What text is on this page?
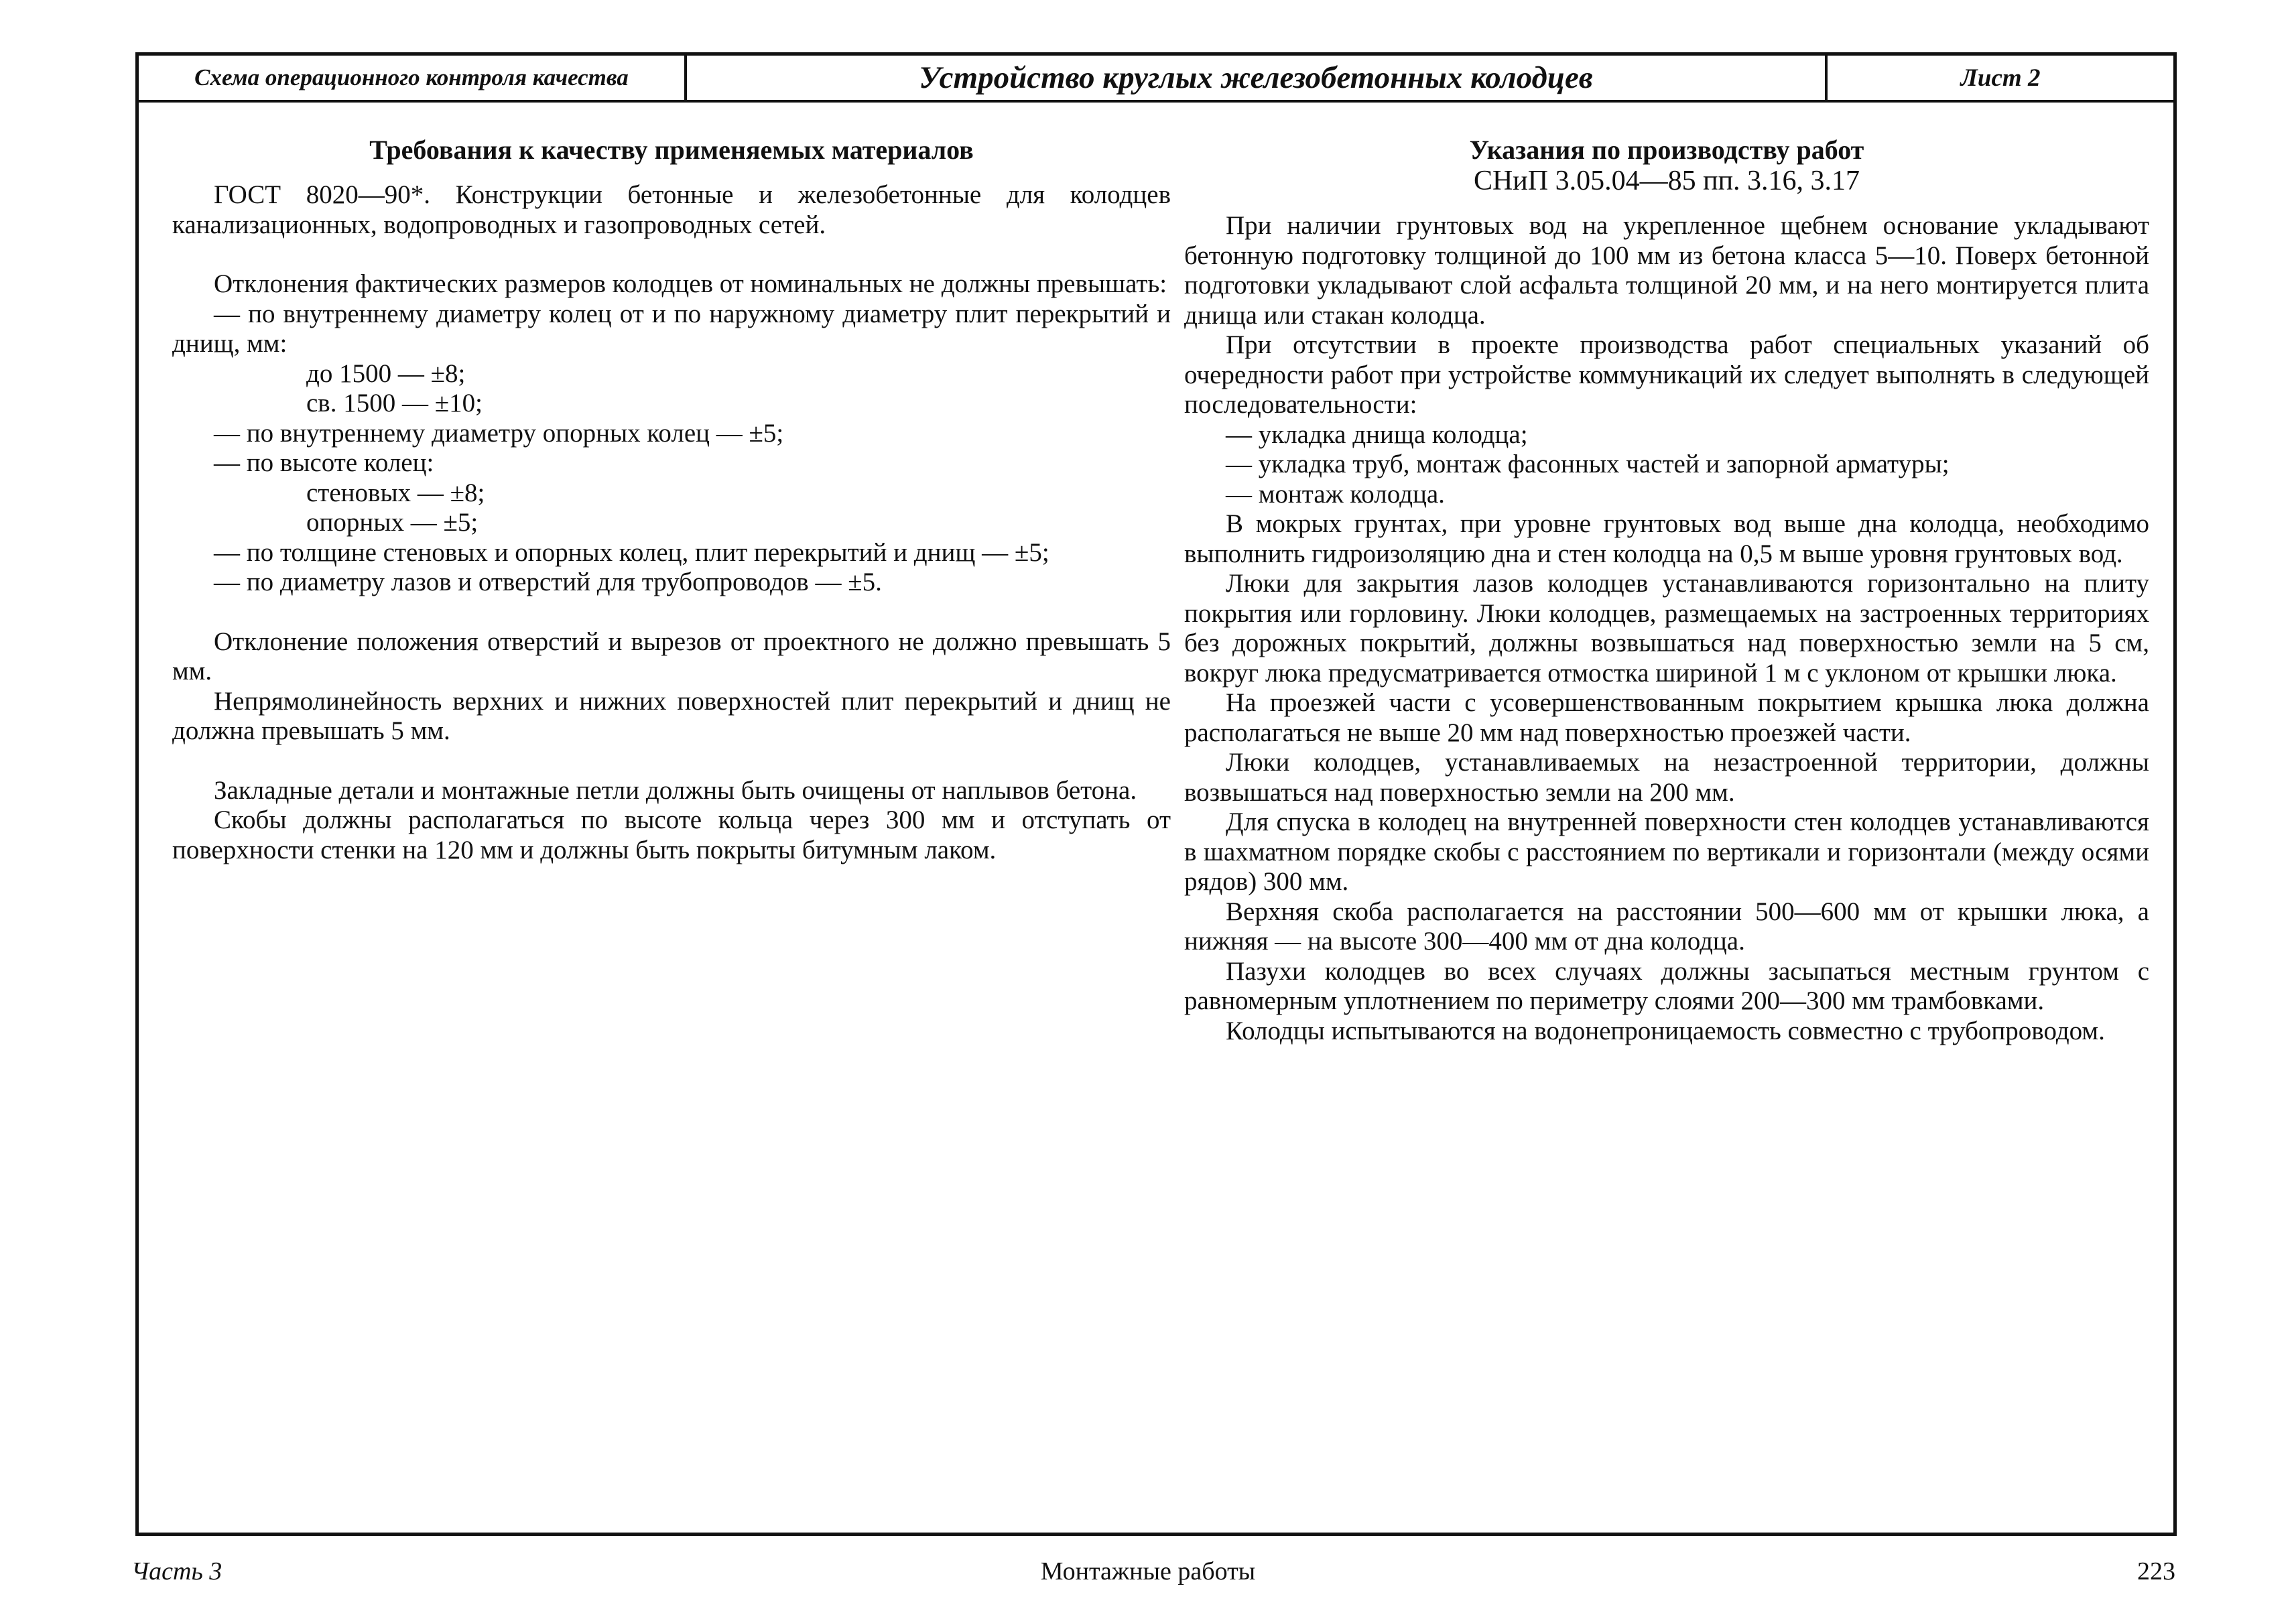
Схема операционного контроля качества	Устройство круглых железобетонных колодцев	Лист 2
Требования к качеству применяемых материалов

ГОСТ 8020—90*. Конструкции бетонные и железобетонные для колодцев канализационных, водопроводных и газопроводных сетей.

Отклонения фактических размеров колодцев от номинальных не должны превышать:

— по внутреннему диаметру колец от и по наружному диаметру плит перекрытий и днищ, мм:

до 1500 — ±8;

св. 1500 — ±10;

— по внутреннему диаметру опорных колец — ±5;

— по высоте колец:

стеновых — ±8;

опорных — ±5;

— по толщине стеновых и опорных колец, плит перекрытий и днищ — ±5;

— по диаметру лазов и отверстий для трубопроводов — ±5.

Отклонение положения отверстий и вырезов от проектного не должно превышать 5 мм.

Непрямолинейность верхних и нижних поверхностей плит перекрытий и днищ не должна превышать 5 мм.

Закладные детали и монтажные петли должны быть очищены от наплывов бетона.

Скобы должны располагаться по высоте кольца через 300 мм и отступать от поверхности стенки на 120 мм и должны быть покрыты битумным лаком.

Указания по производству работ
СНиП 3.05.04—85 пп. 3.16, 3.17

При наличии грунтовых вод на укрепленное щебнем основание укладывают бетонную подготовку толщиной до 100 мм из бетона класса 5—10. Поверх бетонной подготовки укладывают слой асфальта толщиной 20 мм, и на него монтируется плита днища или стакан колодца.

При отсутствии в проекте производства работ специальных указаний об очередности работ при устройстве коммуникаций их следует выполнять в следующей последовательности:

— укладка днища колодца;

— укладка труб, монтаж фасонных частей и запорной арматуры;

— монтаж колодца.

В мокрых грунтах, при уровне грунтовых вод выше дна колодца, необходимо выполнить гидроизоляцию дна и стен колодца на 0,5 м выше уровня грунтовых вод.

Люки для закрытия лазов колодцев устанавливаются горизонтально на плиту покрытия или горловину. Люки колодцев, размещаемых на застроенных территориях без дорожных покрытий, должны возвышаться над поверхностью земли на 5 см, вокруг люка предусматривается отмостка шириной 1 м с уклоном от крышки люка.

На проезжей части с усовершенствованным покрытием крышка люка должна располагаться не выше 20 мм над поверхностью проезжей части.

Люки колодцев, устанавливаемых на незастроенной территории, должны возвышаться над поверхностью земли на 200 мм.

Для спуска в колодец на внутренней поверхности стен колодцев устанавливаются в шахматном порядке скобы с расстоянием по вертикали и горизонтали (между осями рядов) 300 мм.

Верхняя скоба располагается на расстоянии 500—600 мм от крышки люка, а нижняя — на высоте 300—400 мм от дна колодца.

Пазухи колодцев во всех случаях должны засыпаться местным грунтом с равномерным уплотнением по периметру слоями 200—300 мм трамбовками.

Колодцы испытываются на водонепроницаемость совместно с трубопроводом.

Часть 3	Монтажные работы	223
